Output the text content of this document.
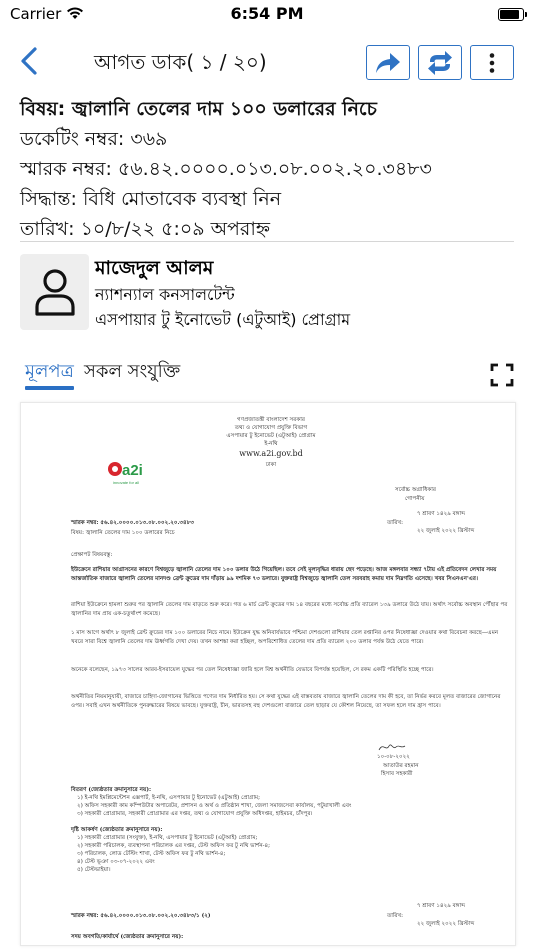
Carrier	6:54 PM
আগত ডাক( ১ / ২০)
বিষয়: জ্বালানি তেলের দাম ১০০ ডলারের নিচে
ডকেটিং নম্বর: ৩৬৯
স্মারক নম্বর: ৫৬.৪২.০০০০.০১৩.০৮.০০২.২০.৩৪৮৩
সিদ্ধান্ত: বিধি মোতাবেক ব্যবস্থা নিন
তারিখ: ১০/৮/২২ ৫:০৯ অপরাহ্ন
মাজেদুল আলম
ন্যাশন্যাল কনসালটেন্ট
এসপায়ার টু ইনোভেট (এটুআই) প্রোগ্রাম
মূলপত্র সকল সংযুক্তি
a2i
innovate for all
গণপ্রজাতন্ত্রী বাংলাদেশ সরকার
তথ্য ও যোগাযোগ প্রযুক্তি বিভাগ
এসপায়ার টু ইনোভেট (এটুআই) প্রোগ্রাম
ই-নথি
www.a2i.gov.bd
ঢাকা
সর্বোচ্চ অগ্রাধিকার
গোপনীয়
৭ শ্রাবণ ১৪২৯ বঙ্গাব্দ
তারিখ:
২২ জুলাই ২০২২ খ্রিস্টাব্দ
স্মারক নম্বর: ৫৬.৪২.০০০০.০১৩.০৮.০০২.২০.৩৪৮৩
বিষয়: জ্বালানি তেলের দাম ১০০ ডলারের নিচে
প্রেক্ষাপট বিষয়বস্তু:
ইউক্রেনে রাশিয়ার আগ্রাসনের কারণে বিশ্বজুড়ে জ্বালানি তেলের দাম ১০০ ডলার উঠে গিয়েছিল। তবে সেই মূল্যবৃদ্ধির ধারায় ছেদ পড়েছে। আজ মঙ্গলবার সন্ধ্যা ৭টায় এই প্রতিবেদন লেখার সময় আন্তর্জাতিক বাজারে জ্বালানি তেলের মানদণ্ড ব্রেন্ট ক্রুডের দাম দাঁড়ায় ৯৯ দশমিক ৭৩ ডলারে। যুক্তরাষ্ট্র বিশ্বজুড়ে জ্বালানি তেল সরবরাহ কমায় দাম নিম্নগতি এসেছে। খবর সিএনএন'এর।
রাশিয়া ইউক্রেনে হামলা শুরুর পর জ্বালানি তেলের দাম বাড়তে শুরু করে। গত ৬ মার্চ ব্রেন্ট ক্রুডের দাম ১৪ বছরের মধ্যে সর্বোচ্চ প্রতি ব্যারেল ১৩৯ ডলারে উঠে যায়। অর্থাৎ সর্বোচ্চ অবস্থান পৌঁছার পর জ্বালানির দাম প্রায় এক-চতুর্থাংশ কমেছে।
১ মাস আগে অর্থাৎ ৮ জুলাই ব্রেন্ট ক্রুডের দাম ১০০ ডলারের নিচে নামে। ইউক্রেন যুদ্ধ অনিবার্যভাবে পশ্চিমা দেশগুলো রাশিয়ার তেল রপ্তানির ওপর নিষেধাজ্ঞা দেওয়ার কথা বিবেচনা করছে—এমন খবরে সারা বিশ্বে জ্বালানি তেলের দাম ঊর্ধ্বগতি দেখা দেয়। তখন আশঙ্কা করা হচ্ছিল, অপরিশোধিত তেলের দাম প্রতি ব্যারেল ২০০ ডলার পর্যন্ত উঠে যেতে পারে।
অনেকে বলেছেন, ১৯৭৩ সালের আরব-ইসরায়েল যুদ্ধের পর তেল নিষেধাজ্ঞা জারি হলে বিশ্ব অর্থনীতি যেভাবে বিপর্যস্ত হয়েছিল, সে রকম একটি পরিস্থিতি হচ্ছে পারে।
অর্থনীতির নিয়মানুযায়ী, বাজারে চাহিদা-জোগানের ভিত্তিতে পণ্যের দাম নির্ধারিত হয়। সে কথা যুদ্ধের এই বাস্তবতায় বাজারে জ্বালানি তেলের দাম কী হবে, তা নির্ভর করবে মূলত বাজারের জোগানের ওপর। সবাই এখন অর্থনীতিকে পুনরুদ্ধারের বিষয়ে ভাবছে। যুক্তরাষ্ট্র, চীন, ভারতসহ বহু দেশগুলো বাজারে তেল ছাড়ার যে কৌশল নিয়েছে, তা সফল হলে দাম হ্রাস পাবে।
১০-০৮-২০২২
আতাউর রহমান
হিসাব সহকারী
বিতরণ (জ্যেষ্ঠতার ক্রমানুসারে নয়):
১) ই-নথি ইমপ্লিমেন্টেশন এক্সপার্ট, ই-নথি, এসপায়ার টু ইনোভেট (এটুআই) প্রোগ্রাম;
২) অফিস সহকারী কাম কম্পিউটার অপারেটর, প্রশাসন ও অর্থ ও প্রতিষ্ঠান শাখা, জেলা সমাজসেবা কার্যালয়, পটুয়াখালী এবং
৩) সহকারী প্রোগ্রামার, সহকারী প্রোগ্রামার এর দপ্তর, তথ্য ও যোগাযোগ প্রযুক্তি অধিদপ্তর, হাইমচর, চাঁদপুর।
দৃষ্টি আকর্ষণ (জ্যেষ্ঠতার ক্রমানুসারে নয়):
১) সহকারী প্রোগ্রামার (সংযুক্ত), ই-নথি, এসপায়ার টু ইনোভেট (এটুআই) প্রোগ্রাম;
২) সহকারী পরিচালক, ব্যবস্থাপনা পরিচালক এর দপ্তর, টেস্ট অফিস ফর টু নথি ভার্শন-৪;
৩) পরিচালক, লোড টেস্টিং শাখা, টেস্ট অফিস ফর টু নথি ভার্শন-৪;
৪) টেস্ট ভূঞা ০৩-০৭-২০২২ এবং
৫) টেস্টভাইয়া।
৭ শ্রাবণ ১৪২৯ বঙ্গাব্দ
স্মারক নম্বর: ৫৬.৪২.০০০০.০১৩.০৮.০০২.২০.৩৪৮৩/১ (২)	তারিখ:
২২ জুলাই ২০২২ খ্রিস্টাব্দ
সদয় অবগতি/কার্যার্থে (জ্যেষ্ঠতার ক্রমানুসারে নয়):
